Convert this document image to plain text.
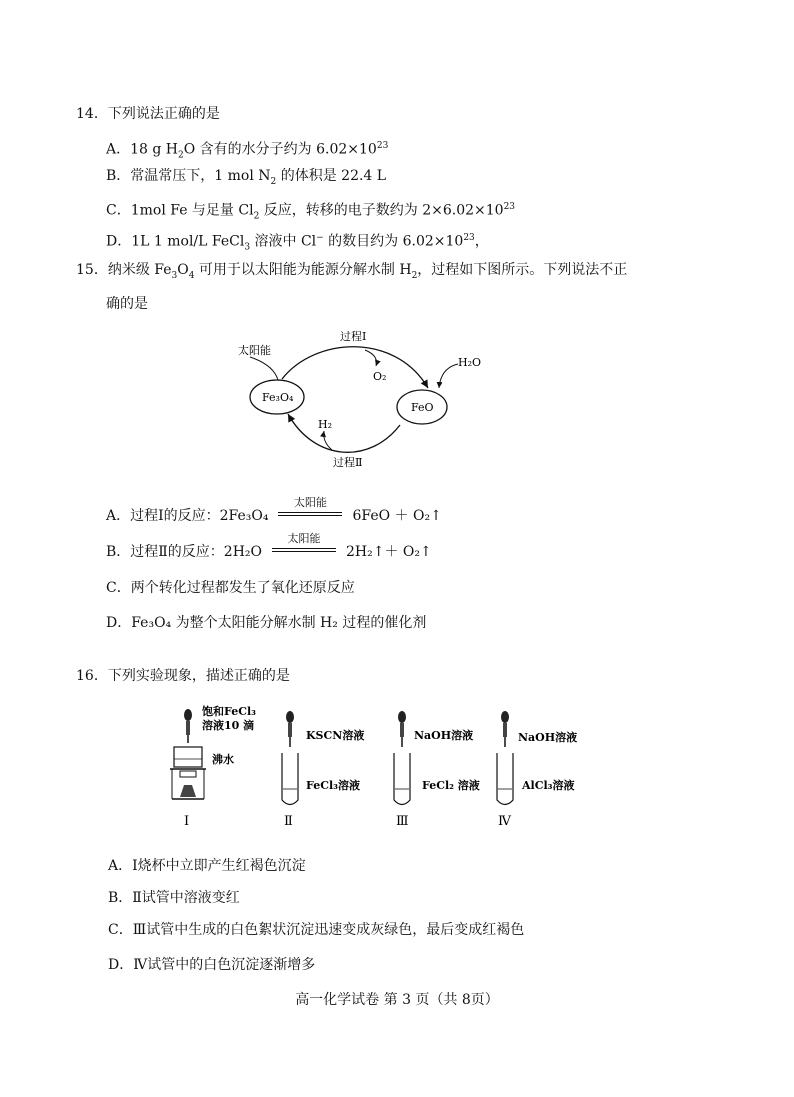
14．下列说法正确的是
A．18 g $H_2O$ 含有的水分子约为 $6.02\times 10^{23}$
B．常温常压下，1 mol $N_2$ 的体积是 22.4 L
C．1mol Fe 与足量 $Cl_2$ 反应，转移的电子数约为 $2\times 6.02\times 10^{23}$
D．1L 1 mol/L FeCl$_3$ 溶液中 Cl− 的数目约为 $6.02\times 10^{23}$，
15．纳米级 $Fe_3O_4$ 可用于以太阳能为能源分解水制 $H_2$，过程如下图所示。下列说法不正
确的是
太阳能
过程Ⅰ
O₂
H₂O
Fe₃O₄
FeO
H₂
过程Ⅱ
A．过程Ⅰ的反应：2Fe₃O₄
太阳能
6FeO ＋ O₂↑
B．过程Ⅱ的反应：2H₂O
太阳能
2H₂↑＋ O₂↑
C．两个转化过程都发生了氧化还原反应
D．Fe₃O₄ 为整个太阳能分解水制 H₂ 过程的催化剂
16．下列实验现象，描述正确的是
饱和FeCl₃
溶液10 滴
沸水
Ⅰ
KSCN溶液
FeCl₃溶液
Ⅱ
NaOH溶液
FeCl₂ 溶液
Ⅲ
NaOH溶液
AlCl₃溶液
Ⅳ
A．Ⅰ烧杯中立即产生红褐色沉淀
B．Ⅱ试管中溶液变红
C．Ⅲ试管中生成的白色絮状沉淀迅速变成灰绿色，最后变成红褐色
D．Ⅳ试管中的白色沉淀逐渐增多
高一化学试卷 第 3 页（共 8页）
